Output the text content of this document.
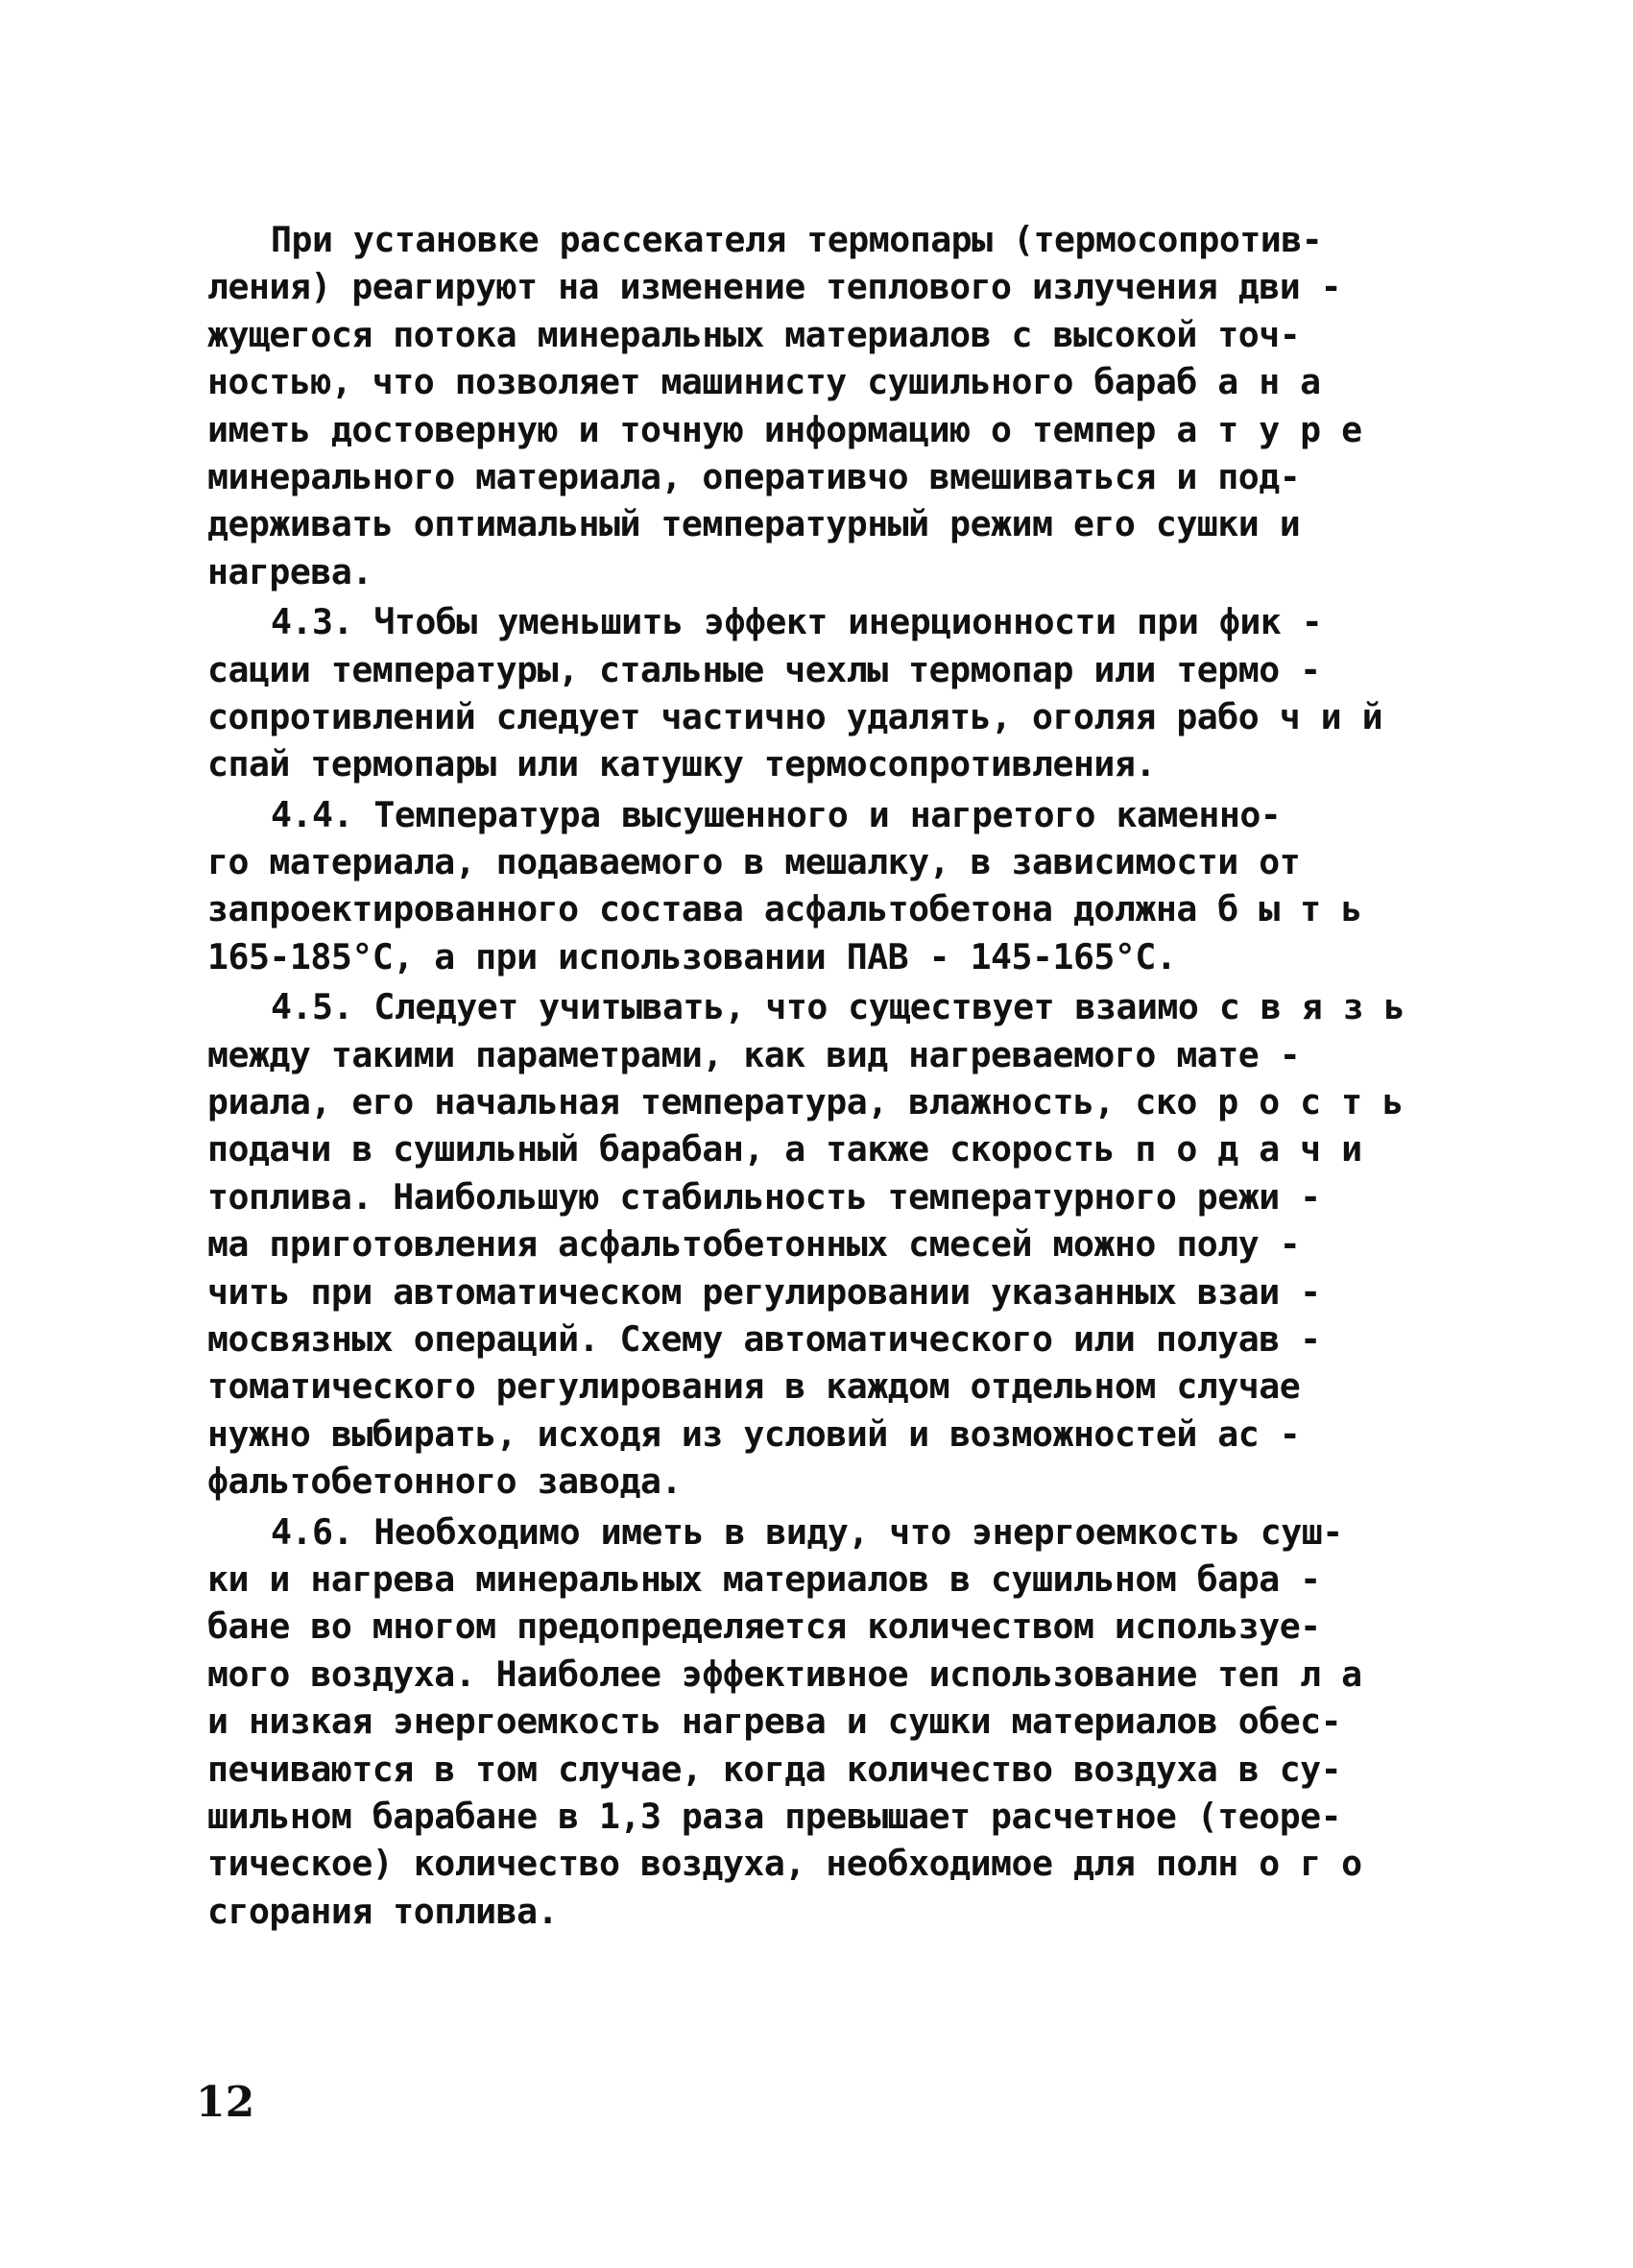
При установке рассекателя термопары (термосопротив-
ления) реагируют на изменение теплового излучения дви -
жущегося потока минеральных материалов с высокой точ-
ностью, что позволяет машинисту сушильного бараб а н а
иметь достоверную и точную информацию о темпер а т у р е
минерального материала, оперативчо вмешиваться и под-
держивать оптимальный температурный режим его сушки и
нагрева.
4.3. Чтобы уменьшить эффект инерционности при фик -
сации температуры, стальные чехлы термопар или термо -
сопротивлений следует частично удалять, оголяя рабо ч и й
спай термопары или катушку термосопротивления.
4.4. Температура высушенного и нагретого каменно-
го материала, подаваемого в мешалку, в зависимости от
запроектированного состава асфальтобетона должна б ы т ь
165-185°С, а при использовании ПАВ - 145-165°С.
4.5. Следует учитывать, что существует взаимо с в я з ь
между такими параметрами, как вид нагреваемого мате -
риала, его начальная температура, влажность, ско р о с т ь
подачи в сушильный барабан, а также скорость п о д а ч и
топлива. Наибольшую стабильность температурного режи -
ма приготовления асфальтобетонных смесей можно полу -
чить при автоматическом регулировании указанных взаи -
мосвязных операций. Схему автоматического или полуав -
томатического регулирования в каждом отдельном случае
нужно выбирать, исходя из условий и возможностей ас -
фальтобетонного завода.
4.6. Необходимо иметь в виду, что энергоемкость суш-
ки и нагрева минеральных материалов в сушильном бара -
бане во многом предопределяется количеством используе-
мого воздуха. Наиболее эффективное использование теп л а
и низкая энергоемкость нагрева и сушки материалов обес-
печиваются в том случае, когда количество воздуха в су-
шильном барабане в 1,3 раза превышает расчетное (теоре-
тическое) количество воздуха, необходимое для полн о г о
сгорания топлива.
12
